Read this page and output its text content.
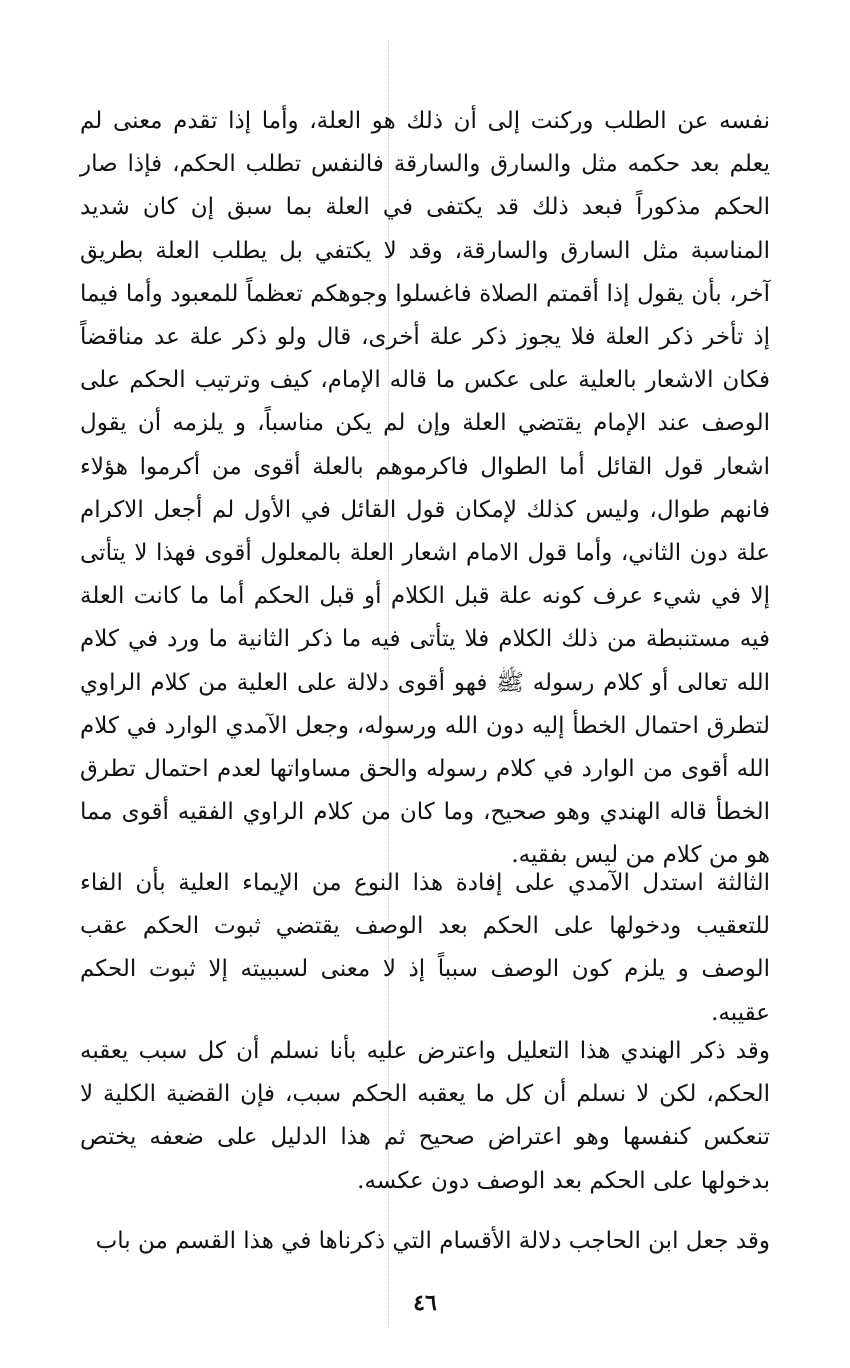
نفسه عن الطلب وركنت إلى أن ذلك هو العلة، وأما إذا تقدم معنى لم يعلم بعد حكمه مثل والسارق والسارقة فالنفس تطلب الحكم، فإذا صار الحكم مذكوراً فبعد ذلك قد يكتفى في العلة بما سبق إن كان شديد المناسبة مثل السارق والسارقة، وقد لا يكتفي بل يطلب العلة بطريق آخر، بأن يقول إذا أقمتم الصلاة فاغسلوا وجوهكم تعظماً للمعبود وأما فيما إذ تأخر ذكر العلة فلا يجوز ذكر علة أخرى، قال ولو ذكر علة عد مناقضاً فكان الاشعار بالعلية على عكس ما قاله الإمام، كيف وترتيب الحكم على الوصف عند الإمام يقتضي العلة وإن لم يكن مناسباً، و يلزمه أن يقول اشعار قول القائل أما الطوال فاكرموهم بالعلة أقوى من أكرموا هؤلاء فانهم طوال، وليس كذلك لإمكان قول القائل في الأول لم أجعل الاكرام علة دون الثاني، وأما قول الامام اشعار العلة بالمعلول أقوى فهذا لا يتأتى إلا في شيء عرف كونه علة قبل الكلام أو قبل الحكم أما ما كانت العلة فيه مستنبطة من ذلك الكلام فلا يتأتى فيه ما ذكر الثانية ما ورد في كلام الله تعالى أو كلام رسوله ﷺ فهو أقوى دلالة على العلية من كلام الراوي لتطرق احتمال الخطأ إليه دون الله ورسوله، وجعل الآمدي الوارد في كلام الله أقوى من الوارد في كلام رسوله والحق مساواتها لعدم احتمال تطرق الخطأ قاله الهندي وهو صحيح، وما كان من كلام الراوي الفقيه أقوى مما هو من كلام من ليس بفقيه.

الثالثة استدل الآمدي على إفادة هذا النوع من الإيماء العلية بأن الفاء للتعقيب ودخولها على الحكم بعد الوصف يقتضي ثبوت الحكم عقب الوصف و يلزم كون الوصف سبباً إذ لا معنى لسببيته إلا ثبوت الحكم عقيبه.

وقد ذكر الهندي هذا التعليل واعترض عليه بأنا نسلم أن كل سبب يعقبه الحكم، لكن لا نسلم أن كل ما يعقبه الحكم سبب، فإن القضية الكلية لا تنعكس كنفسها وهو اعتراض صحيح ثم هذا الدليل على ضعفه يختص بدخولها على الحكم بعد الوصف دون عكسه.

وقد جعل ابن الحاجب دلالة الأقسام التي ذكرناها في هذا القسم من باب

٤٦
